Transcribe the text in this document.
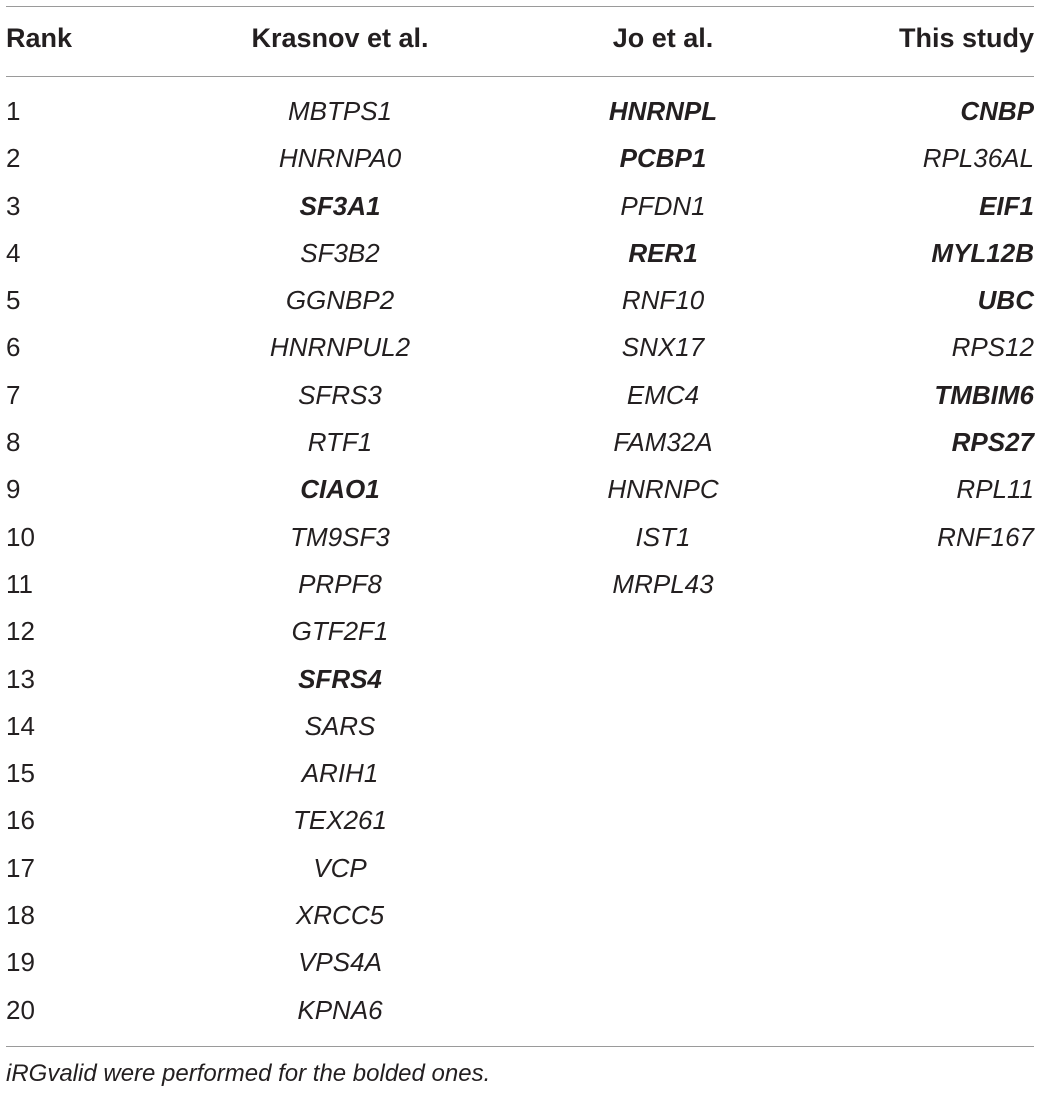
Rank	Krasnov et al.	Jo et al.	This study
1	MBTPS1	HNRNPL	CNBP
2	HNRNPA0	PCBP1	RPL36AL
3	SF3A1	PFDN1	EIF1
4	SF3B2	RER1	MYL12B
5	GGNBP2	RNF10	UBC
6	HNRNPUL2	SNX17	RPS12
7	SFRS3	EMC4	TMBIM6
8	RTF1	FAM32A	RPS27
9	CIAO1	HNRNPC	RPL11
10	TM9SF3	IST1	RNF167
11	PRPF8	MRPL43
12	GTF2F1
13	SFRS4
14	SARS
15	ARIH1
16	TEX261
17	VCP
18	XRCC5
19	VPS4A
20	KPNA6
iRGvalid were performed for the bolded ones.
